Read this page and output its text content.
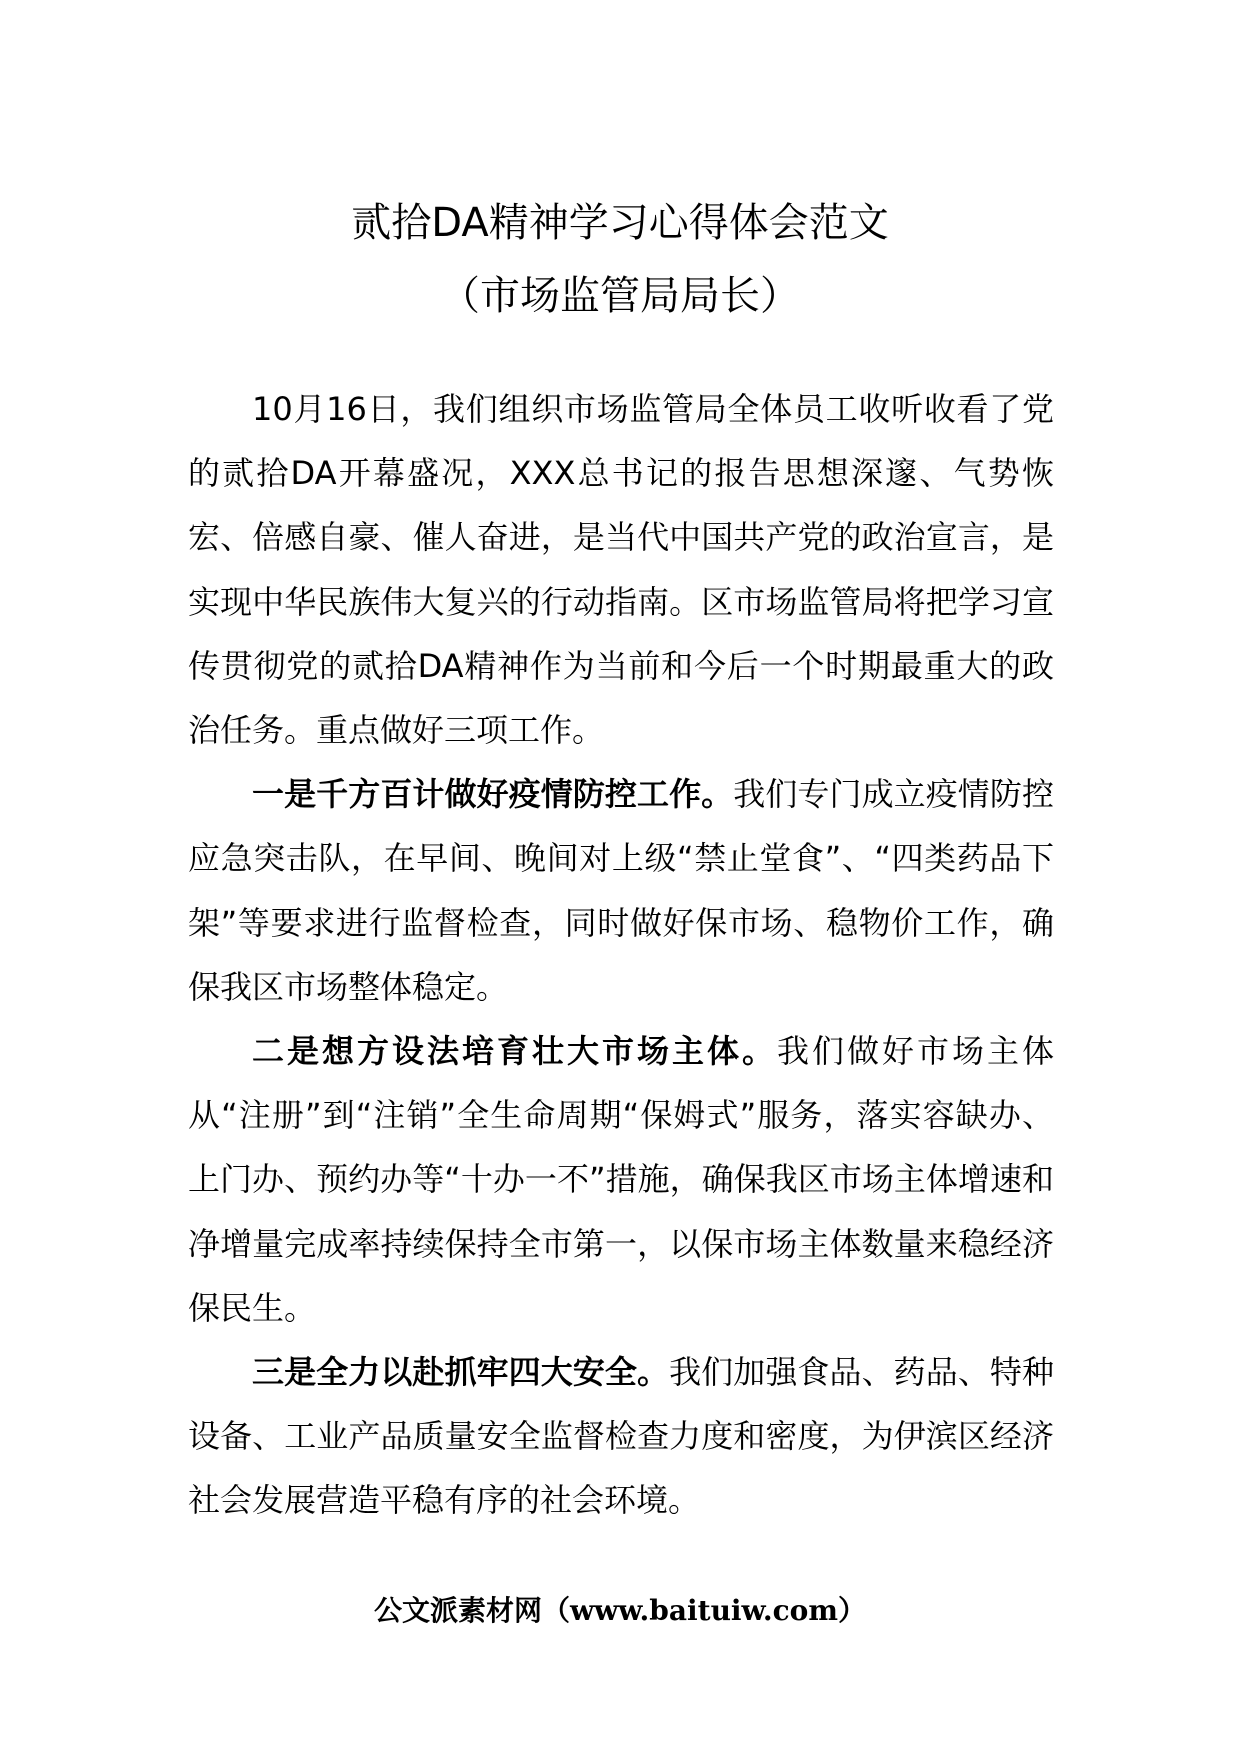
贰拾DA精神学习心得体会范文
（市场监管局局长）

10月16日，我们组织市场监管局全体员工收听收看了党的贰拾DA开幕盛况，XXX总书记的报告思想深邃、气势恢宏、倍感自豪、催人奋进，是当代中国共产党的政治宣言，是实现中华民族伟大复兴的行动指南。区市场监管局将把学习宣传贯彻党的贰拾DA精神作为当前和今后一个时期最重大的政治任务。重点做好三项工作。

一是千方百计做好疫情防控工作。我们专门成立疫情防控应急突击队，在早间、晚间对上级“禁止堂食”、“四类药品下架”等要求进行监督检查，同时做好保市场、稳物价工作，确保我区市场整体稳定。

二是想方设法培育壮大市场主体。我们做好市场主体从“注册”到“注销”全生命周期“保姆式”服务，落实容缺办、上门办、预约办等“十办一不”措施，确保我区市场主体增速和净增量完成率持续保持全市第一，以保市场主体数量来稳经济保民生。

三是全力以赴抓牢四大安全。我们加强食品、药品、特种设备、工业产品质量安全监督检查力度和密度，为伊滨区经济社会发展营造平稳有序的社会环境。

公文派素材网（www.baituiw.com）
